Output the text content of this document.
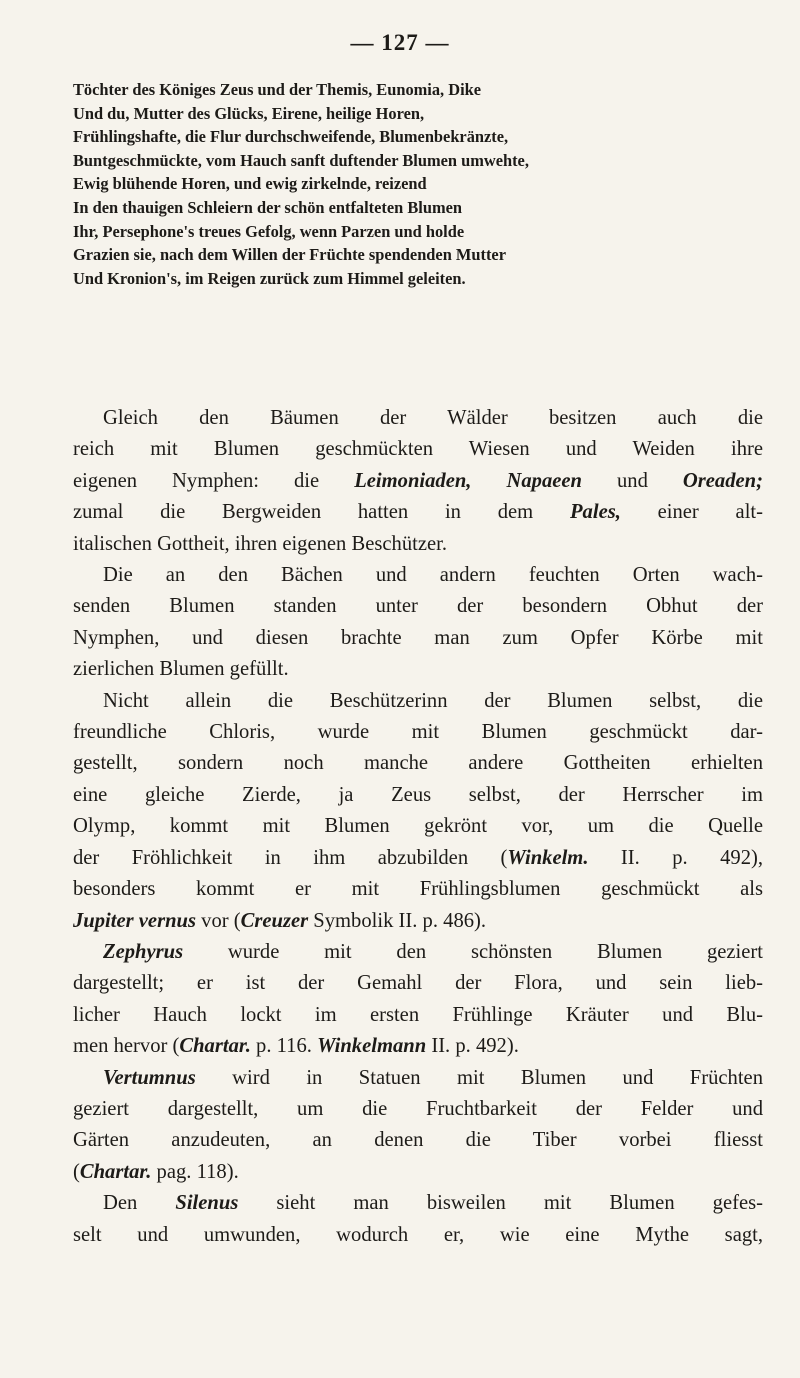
— 127 —
Töchter des Königes Zeus und der Themis, Eunomia, Dike
Und du, Mutter des Glücks, Eirene, heilige Horen,
Frühlingshafte, die Flur durchschweifende, Blumenbekränzte,
Buntgeschmückte, vom Hauch sanft duftender Blumen umwehte,
Ewig blühende Horen, und ewig zirkelnde, reizend
In den thauigen Schleiern der schön entfalteten Blumen
Ihr, Persephone's treues Gefolg, wenn Parzen und holde
Grazien sie, nach dem Willen der Früchte spendenden Mutter
Und Kronion's, im Reigen zurück zum Himmel geleiten.
Gleich den Bäumen der Wälder besitzen auch die
reich mit Blumen geschmückten Wiesen und Weiden ihre
eigenen Nymphen: die Leimoniaden, Napaeen und Oreaden;
zumal die Bergweiden hatten in dem Pales, einer alt-
italischen Gottheit, ihren eigenen Beschützer.
Die an den Bächen und andern feuchten Orten wach-
senden Blumen standen unter der besondern Obhut der
Nymphen, und diesen brachte man zum Opfer Körbe mit
zierlichen Blumen gefüllt.
Nicht allein die Beschützerinn der Blumen selbst, die
freundliche Chloris, wurde mit Blumen geschmückt dar-
gestellt, sondern noch manche andere Gottheiten erhielten
eine gleiche Zierde, ja Zeus selbst, der Herrscher im
Olymp, kommt mit Blumen gekrönt vor, um die Quelle
der Fröhlichkeit in ihm abzubilden (Winkelm. II. p. 492),
besonders kommt er mit Frühlingsblumen geschmückt als
Jupiter vernus vor (Creuzer Symbolik II. p. 486).
Zephyrus wurde mit den schönsten Blumen geziert
dargestellt; er ist der Gemahl der Flora, und sein lieb-
licher Hauch lockt im ersten Frühlinge Kräuter und Blu-
men hervor (Chartar. p. 116. Winkelmann II. p. 492).
Vertumnus wird in Statuen mit Blumen und Früchten
geziert dargestellt, um die Fruchtbarkeit der Felder und
Gärten anzudeuten, an denen die Tiber vorbei fliesst
(Chartar. pag. 118).
Den Silenus sieht man bisweilen mit Blumen gefes-
selt und umwunden, wodurch er, wie eine Mythe sagt,
